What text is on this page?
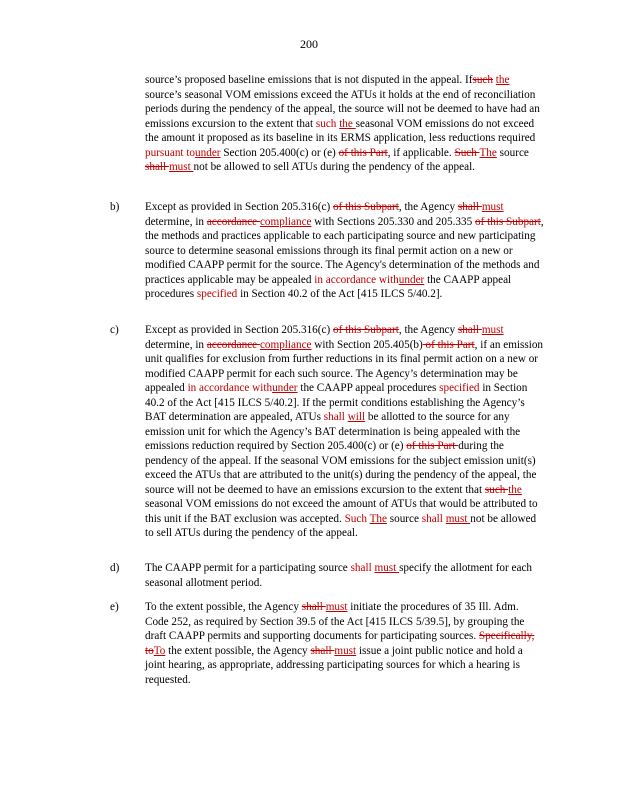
200

source’s proposed baseline emissions that is not disputed in the appeal. Ifsuch the source’s seasonal VOM emissions exceed the ATUs it holds at the end of reconciliation periods during the pendency of the appeal, the source will not be deemed to have had an emissions excursion to the extent that such the seasonal VOM emissions do not exceed the amount it proposed as its baseline in its ERMS application, less reductions required pursuant tounder Section 205.400(c) or (e) of this Part, if applicable. Such The source shall must not be allowed to sell ATUs during the pendency of the appeal.

b)	Except as provided in Section 205.316(c) of this Subpart, the Agency shall must determine, in accordance compliance with Sections 205.330 and 205.335 of this Subpart, the methods and practices applicable to each participating source and new participating source to determine seasonal emissions through its final permit action on a new or modified CAAPP permit for the source. The Agency's determination of the methods and practices applicable may be appealed in accordance withunder the CAAPP appeal procedures specified in Section 40.2 of the Act [415 ILCS 5/40.2].

c)	Except as provided in Section 205.316(c) of this Subpart, the Agency shall must determine, in accordance compliance with Section 205.405(b) of this Part, if an emission unit qualifies for exclusion from further reductions in its final permit action on a new or modified CAAPP permit for each such source. The Agency’s determination may be appealed in accordance withunder the CAAPP appeal procedures specified in Section 40.2 of the Act [415 ILCS 5/40.2]. If the permit conditions establishing the Agency’s BAT determination are appealed, ATUs shall will be allotted to the source for any emission unit for which the Agency’s BAT determination is being appealed with the emissions reduction required by Section 205.400(c) or (e) of this Part during the pendency of the appeal. If the seasonal VOM emissions for the subject emission unit(s) exceed the ATUs that are attributed to the unit(s) during the pendency of the appeal, the source will not be deemed to have an emissions excursion to the extent that such the seasonal VOM emissions do not exceed the amount of ATUs that would be attributed to this unit if the BAT exclusion was accepted. Such The source shall must not be allowed to sell ATUs during the pendency of the appeal.

d)	The CAAPP permit for a participating source shall must specify the allotment for each seasonal allotment period.

e)	To the extent possible, the Agency shall must initiate the procedures of 35 Ill. Adm. Code 252, as required by Section 39.5 of the Act [415 ILCS 5/39.5], by grouping the draft CAAPP permits and supporting documents for participating sources. Specifically, toTo the extent possible, the Agency shall must issue a joint public notice and hold a joint hearing, as appropriate, addressing participating sources for which a hearing is requested.
